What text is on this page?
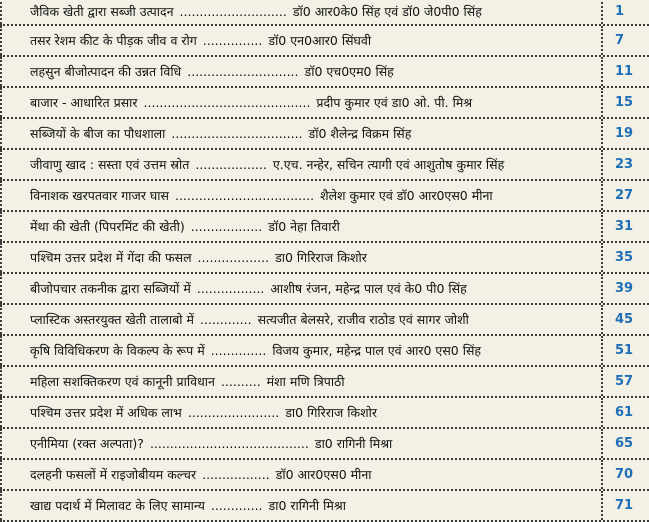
जैविक खेती द्वारा सब्जी उत्पादन ........................... डॉ0 आर0के0 सिंह एवं डॉ0 जे0पी0 सिंह	1
तसर रेशम कीट के पीड़क जीव व रोग ............... डॉ0 एन0आर0 सिंघवी	7
लहसुन बीजोत्पादन की उन्नत विधि ............................ डॉ0 एच0एम0 सिंह	11
बाजार - आधारित प्रसार .......................................... प्रदीप कुमार एवं डा0 ओ. पी. मिश्र	15
सब्जियों के बीज का पौधशाला ................................. डॉ0 शैलेन्द्र विक्रम सिंह	19
जीवाणु खाद : सस्ता एवं उत्तम स्रोत .................. ए.एच. नन्हेर, सचिन त्यागी एवं आशुतोष कुमार सिंह	23
विनाशक खरपतवार गाजर घास ................................... शैलेश कुमार एवं डॉ0 आर0एस0 मीना	27
मेंथा की खेती (पिपरमिंट की खेती) .................. डॉ0 नेहा तिवारी	31
पश्चिम उत्तर प्रदेश में गेंदा की फसल .................. डा0 गिरिराज किशोर	35
बीजोपचार तकनीक द्वारा सब्जियों में ................. आशीष रंजन, महेन्द्र पाल एवं के0 पी0 सिंह	39
प्लास्टिक अस्तरयुक्त खेती तालाबो में ............. सत्यजीत बेलसरे, राजीव राठोड एवं सागर जोशी	45
कृषि विविधिकरण के विकल्प के रूप में .............. विजय कुमार, महेन्द्र पाल एवं आर0 एस0 सिंह	51
महिला सशक्तिकरण एवं कानूनी प्राविधान .......... मंशा मणि त्रिपाठी	57
पश्चिम उत्तर प्रदेश में अधिक लाभ ....................... डा0 गिरिराज किशोर	61
एनीमिया (रक्त अल्पता)? ........................................ डा0 रागिनी मिश्रा	65
दलहनी फसलों में राइजोबीयम कल्चर ................. डॉ0 आर0एस0 मीना	70
खाद्य पदार्थ में मिलावट के लिए सामान्य ............. डा0 रागिनी मिश्रा	71
